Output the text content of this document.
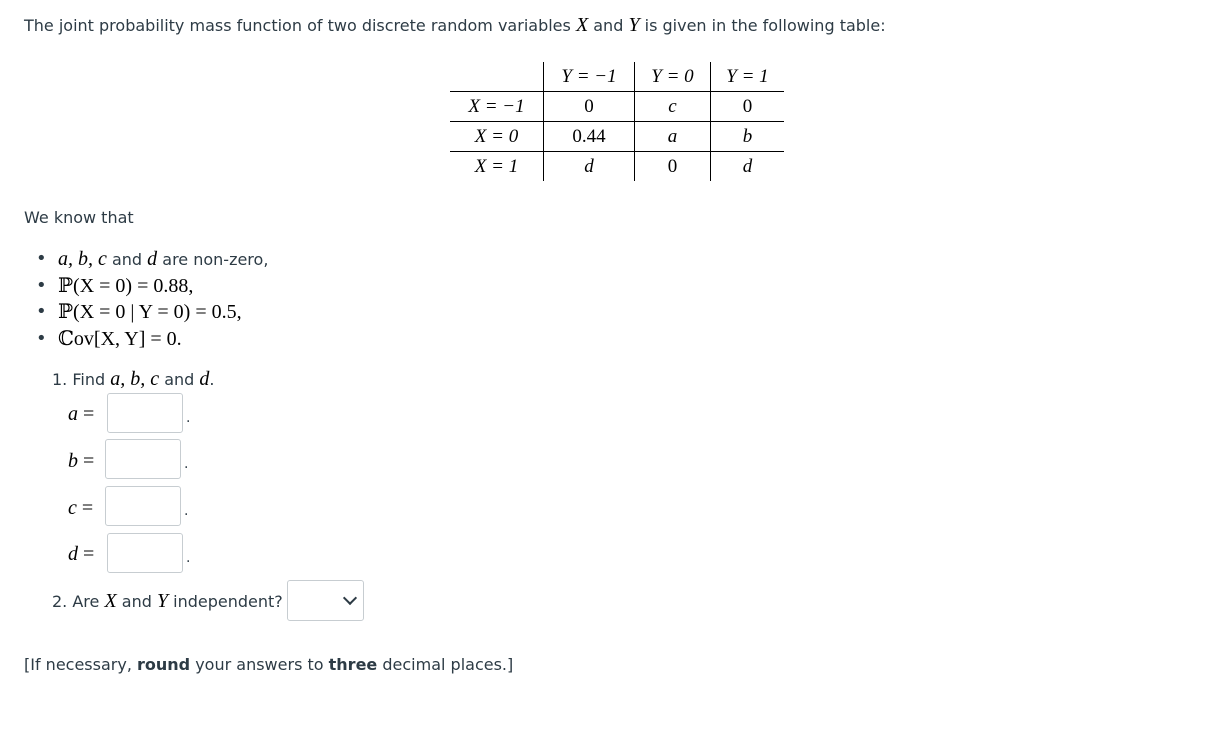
The joint probability mass function of two discrete random variables X and Y is given in the following table:
	Y = −1	Y = 0	Y = 1
X = −1	0	c	0
X = 0	0.44	a	b
X = 1	d	0	d
We know that
• a, b, c and d are non-zero,
• ℙ(X = 0) = 0.88,
• ℙ(X = 0 | Y = 0) = 0.5,
• ℂov[X, Y] = 0.
1. Find a, b, c and d.
a =	.
b =	.
c =	.
d =	.
2. Are X and Y independent?
[If necessary, round your answers to three decimal places.]
